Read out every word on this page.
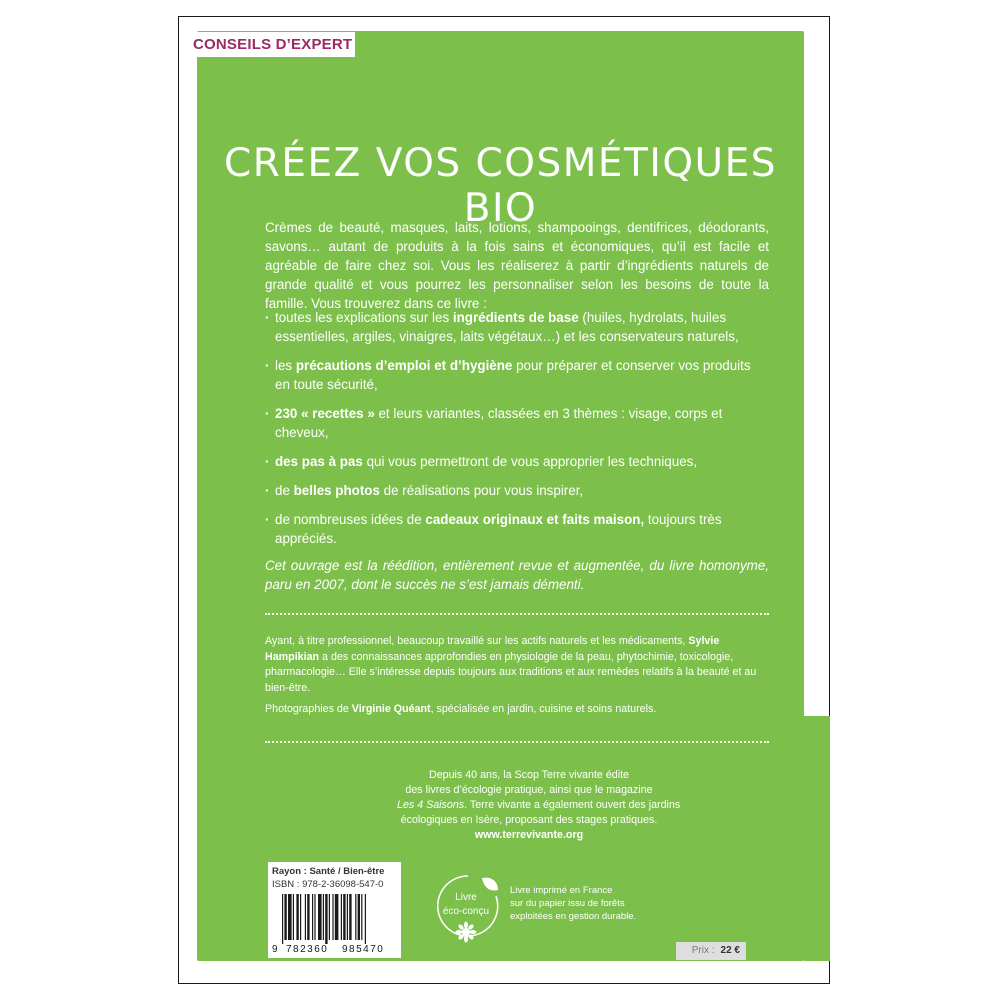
CONSEILS D’EXPERT
CRÉEZ VOS COSMÉTIQUES BIO

Crèmes de beauté, masques, laits, lotions, shampooings, dentifrices, déodorants, savons… autant de produits à la fois sains et économiques, qu’il est facile et agréable de faire chez soi. Vous les réaliserez à partir d’ingrédients naturels de grande qualité et vous pourrez les personnaliser selon les besoins de toute la famille. Vous trouverez dans ce livre :

· toutes les explications sur les ingrédients de base (huiles, hydrolats, huiles essentielles, argiles, vinaigres, laits végétaux…) et les conservateurs naturels,
· les précautions d’emploi et d’hygiène pour préparer et conserver vos produits en toute sécurité,
· 230 « recettes » et leurs variantes, classées en 3 thèmes : visage, corps et cheveux,
· des pas à pas qui vous permettront de vous approprier les techniques,
· de belles photos de réalisations pour vous inspirer,
· de nombreuses idées de cadeaux originaux et faits maison, toujours très appréciés.

Cet ouvrage est la réédition, entièrement revue et augmentée, du livre homonyme, paru en 2007, dont le succès ne s’est jamais démenti.

Ayant, à titre professionnel, beaucoup travaillé sur les actifs naturels et les médicaments, Sylvie Hampikian a des connaissances approfondies en physiologie de la peau, phytochimie, toxicologie, pharmacologie… Elle s’intéresse depuis toujours aux traditions et aux remèdes relatifs à la beauté et au bien-être.

Photographies de Virginie Quéant, spécialisée en jardin, cuisine et soins naturels.

Depuis 40 ans, la Scop Terre vivante édite
des livres d’écologie pratique, ainsi que le magazine
Les 4 Saisons. Terre vivante a également ouvert des jardins
écologiques en Isère, proposant des stages pratiques.
www.terrevivante.org

Rayon : Santé / Bien-être
ISBN : 978-2-36098-547-0
9 782360 985470
Livre
éco-conçu

Livre imprimé en France
sur du papier issu de forêts
exploitées en gestion durable.

Prix : 22 €
